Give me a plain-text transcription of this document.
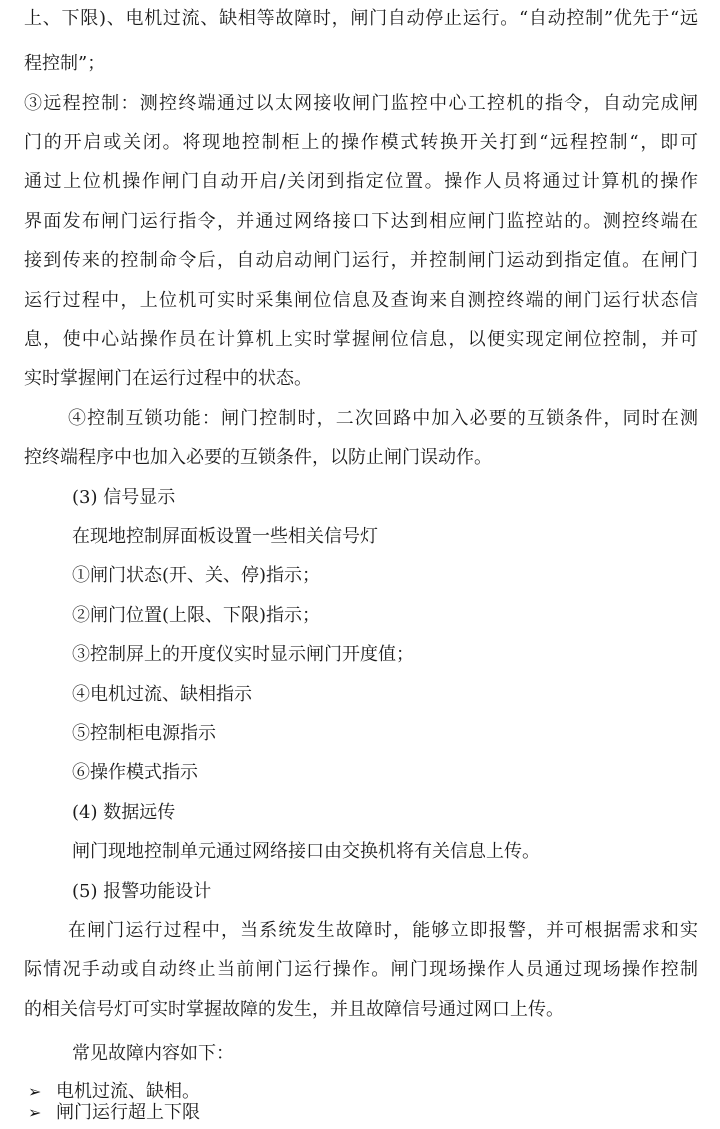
上、下限)、电机过流、缺相等故障时，闸门自动停止运行。“自动控制”优先于“远
程控制”；
③远程控制：测控终端通过以太网接收闸门监控中心工控机的指令，自动完成闸
门的开启或关闭。将现地控制柜上的操作模式转换开关打到“远程控制“，即可
通过上位机操作闸门自动开启/关闭到指定位置。操作人员将通过计算机的操作
界面发布闸门运行指令，并通过网络接口下达到相应闸门监控站的。测控终端在
接到传来的控制命令后，自动启动闸门运行，并控制闸门运动到指定值。在闸门
运行过程中，上位机可实时采集闸位信息及查询来自测控终端的闸门运行状态信
息，使中心站操作员在计算机上实时掌握闸位信息，以便实现定闸位控制，并可
实时掌握闸门在运行过程中的状态。
④控制互锁功能：闸门控制时，二次回路中加入必要的互锁条件，同时在测
控终端程序中也加入必要的互锁条件，以防止闸门误动作。
(3) 信号显示
在现地控制屏面板设置一些相关信号灯
①闸门状态(开、关、停)指示；
②闸门位置(上限、下限)指示；
③控制屏上的开度仪实时显示闸门开度值；
④电机过流、缺相指示
⑤控制柜电源指示
⑥操作模式指示
(4) 数据远传
闸门现地控制单元通过网络接口由交换机将有关信息上传。
(5) 报警功能设计
在闸门运行过程中，当系统发生故障时，能够立即报警，并可根据需求和实
际情况手动或自动终止当前闸门运行操作。闸门现场操作人员通过现场操作控制
的相关信号灯可实时掌握故障的发生，并且故障信号通过网口上传。
常见故障内容如下：
➢ 电机过流、缺相。
➢ 闸门运行超上下限
